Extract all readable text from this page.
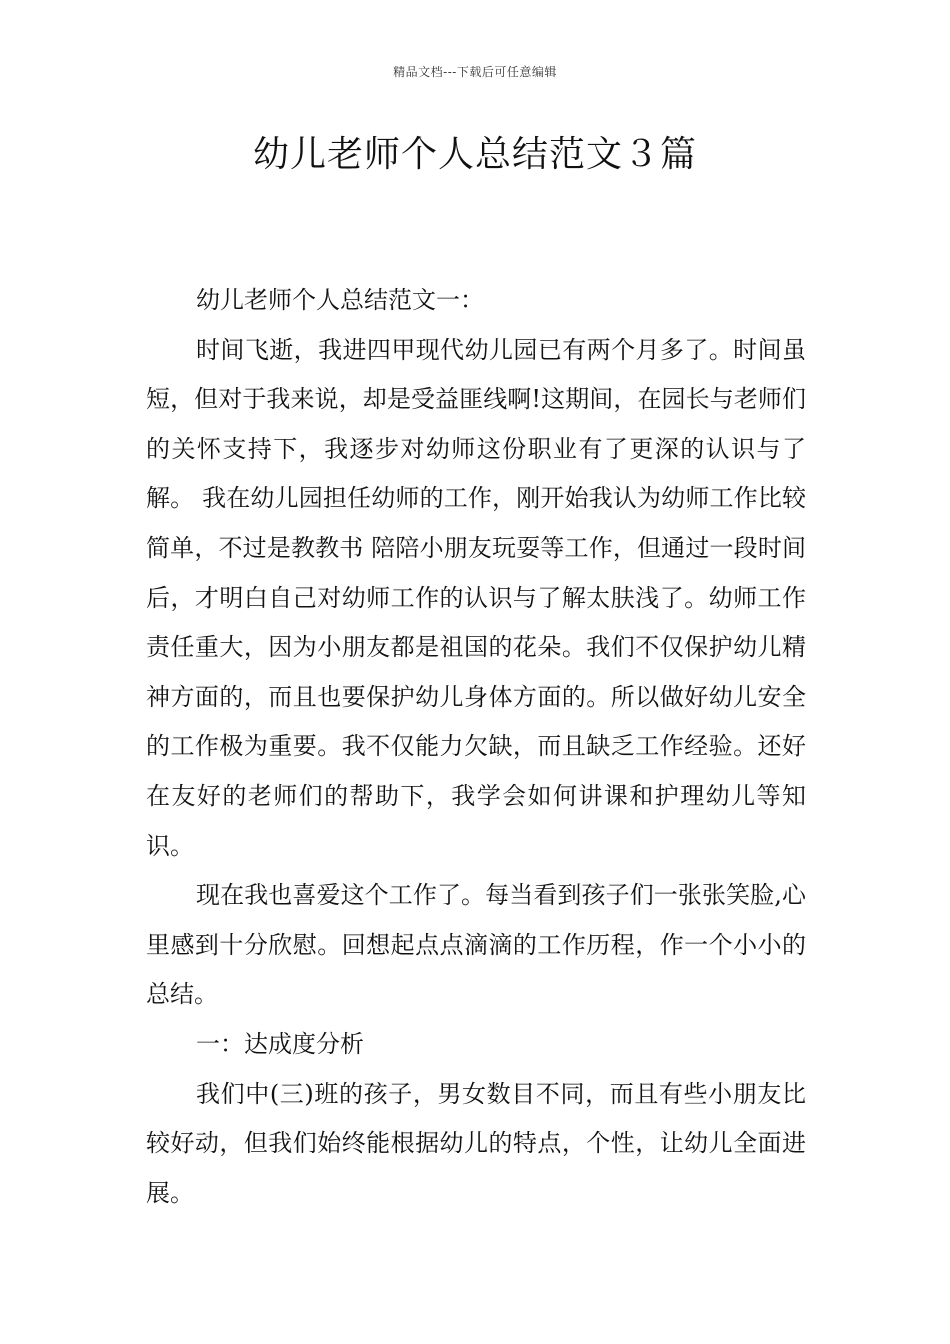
精品文档---下载后可任意编辑
幼儿老师个人总结范文３篇

幼儿老师个人总结范文一：

时间飞逝，我进四甲现代幼儿园已有两个月多了。时间虽短，但对于我来说，却是受益匪线啊!这期间，在园长与老师们的关怀支持下，我逐步对幼师这份职业有了更深的认识与了解。 我在幼儿园担任幼师的工作，刚开始我认为幼师工作比较简单，不过是教教书 陪陪小朋友玩耍等工作，但通过一段时间后，才明白自己对幼师工作的认识与了解太肤浅了。幼师工作责任重大，因为小朋友都是祖国的花朵。我们不仅保护幼儿精神方面的，而且也要保护幼儿身体方面的。所以做好幼儿安全的工作极为重要。我不仅能力欠缺，而且缺乏工作经验。还好在友好的老师们的帮助下，我学会如何讲课和护理幼儿等知识。

现在我也喜爱这个工作了。每当看到孩子们一张张笑脸,心里感到十分欣慰。回想起点点滴滴的工作历程，作一个小小的总结。

一：达成度分析

我们中(三)班的孩子，男女数目不同，而且有些小朋友比较好动，但我们始终能根据幼儿的特点，个性，让幼儿全面进展。
